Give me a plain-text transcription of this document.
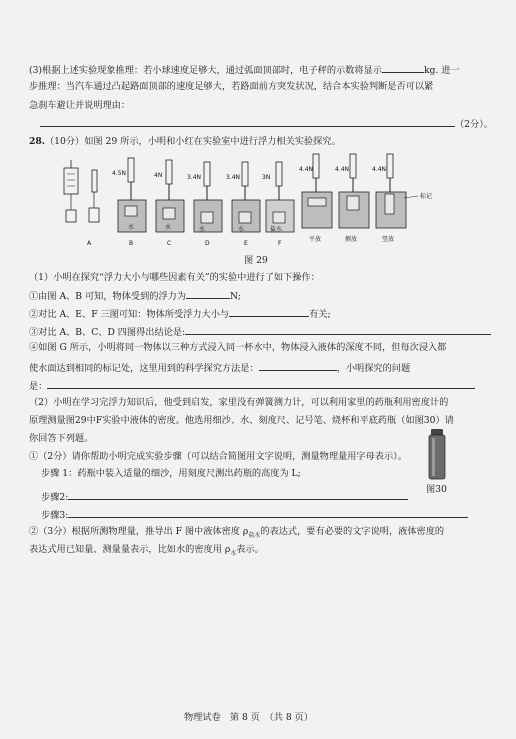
(3)根据上述实验现象推理：若小球速度足够大，通过弧面顶部时，电子秤的示数将显示	kg. 进一
步推理：当汽车通过凸起路面顶部的速度足够大，若路面前方突发状况，结合本实验判断是否可以紧
急刹车避让并说明理由：
（2分）。
28.（10分）如图 29 所示，小明和小红在实验室中进行浮力相关实验探究。
A
4.5N
水
B
4N
水
C
3.4N
水
D
3.4N
水
E
3N
盐水
F
4.4N
平放
4.4N
侧放
4.4N
标记
竖放
图 29
（1）小明在探究“浮力大小与哪些因素有关”的实验中进行了如下操作：
①由图 A、B 可知，物体受到的浮力为	N;
②对比 A、E、F 三图可知：物体所受浮力大小与	有关;
③对比 A、B、C、D 四图得出结论是:
④如图 G 所示，小明将同一物体以三种方式浸入同一杯水中，物体浸入液体的深度不同，但每次浸入都
使水面达到相同的标记处，这里用到的科学探究方法是：	，小明探究的问题
是：
（2）小明在学习完浮力知识后，他受到启发，家里没有弹簧测力计，可以利用家里的药瓶利用密度计的
原理测量图29中F实验中液体的密度。他选用细沙、水、刻度尺、记号笔、烧杯和平底药瓶（如图30）请
你回答下列题。
①（2分）请你帮助小明完成实验步骤（可以结合简图用文字说明，测量物理量用字母表示）。
步骤 1：药瓶中装入适量的细沙，用刻度尺测出药瓶的高度为 L;
图30
步骤2:
步骤3:
②（3分）根据所测物理量，推导出 F 图中液体密度 $\rho_{盐水}$的表达式，要有必要的文字说明，液体密度的
表达式用已知量、测量量表示，比如水的密度用 $\rho_水$表示。
物理试卷　第 8 页　（共 8 页）
